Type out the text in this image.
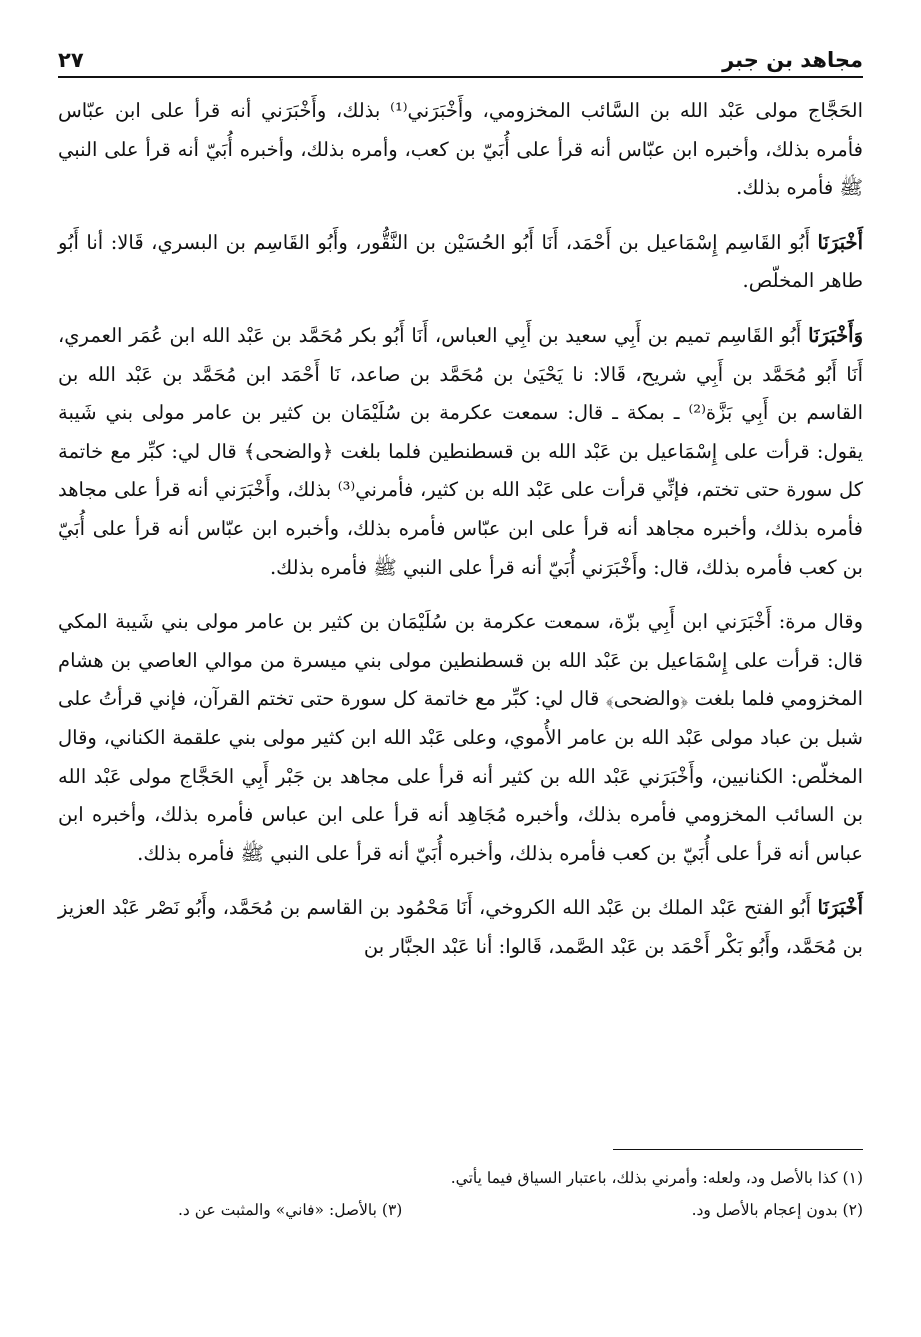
مجاهد بن جبر
٢٧

الحَجَّاج مولى عَبْد الله بن السَّائب المخزومي، وأَخْبَرَني⁽¹⁾ بذلك، وأَخْبَرَني أنه قرأ على ابن عبّاس فأمره بذلك، وأخبره ابن عبّاس أنه قرأ على أُبَيّ بن كعب، وأمره بذلك، وأخبره أُبَيّ أنه قرأ على النبي ﷺ فأمره بذلك.

أَخْبَرَنَا أَبُو القَاسِم إِسْمَاعيل بن أَحْمَد، أَنَا أَبُو الحُسَيْن بن النَّقُّور، وأَبُو القَاسِم بن البسري، قَالا: أنا أَبُو طاهر المخلّص.

وَأَخْبَرَنَا أَبُو القَاسِم تميم بن أَبِي سعيد بن أَبِي العباس، أَنَا أَبُو بكر مُحَمَّد بن عَبْد الله ابن عُمَر العمري، أَنَا أَبُو مُحَمَّد بن أَبِي شريح، قَالا: نا يَحْيَىٰ بن مُحَمَّد بن صاعد، نَا أَحْمَد ابن مُحَمَّد بن عَبْد الله بن القاسم بن أَبِي بَزَّة⁽²⁾ ـ بمكة ـ قال: سمعت عكرمة بن سُلَيْمَان بن كثير بن عامر مولى بني شَيبة يقول: قرأت على إِسْمَاعيل بن عَبْد الله بن قسطنطين فلما بلغت ﴿والضحى﴾ قال لي: كبِّر مع خاتمة كل سورة حتى تختم، فإنِّي قرأت على عَبْد الله بن كثير، فأمرني⁽³⁾ بذلك، وأَخْبَرَني أنه قرأ على مجاهد فأمره بذلك، وأخبره مجاهد أنه قرأ على ابن عبّاس فأمره بذلك، وأخبره ابن عبّاس أنه قرأ على أُبَيّ بن كعب فأمره بذلك، قال: وأَخْبَرَني أُبَيّ أنه قرأ على النبي ﷺ فأمره بذلك.

وقال مرة: أَخْبَرَني ابن أَبِي بزّة، سمعت عكرمة بن سُلَيْمَان بن كثير بن عامر مولى بني شَيبة المكي قال: قرأت على إِسْمَاعيل بن عَبْد الله بن قسطنطين مولى بني ميسرة من موالي العاصي بن هشام المخزومي فلما بلغت ﴿والضحى﴾ قال لي: كبِّر مع خاتمة كل سورة حتى تختم القرآن، فإني قرأتُ على شبل بن عباد مولى عَبْد الله بن عامر الأُموي، وعلى عَبْد الله ابن كثير مولى بني علقمة الكناني، وقال المخلّص: الكنانيين، وأَخْبَرَني عَبْد الله بن كثير أنه قرأ على مجاهد بن جَبْر أَبِي الحَجَّاج مولى عَبْد الله بن السائب المخزومي فأمره بذلك، وأخبره مُجَاهِد أنه قرأ على ابن عباس فأمره بذلك، وأخبره ابن عباس أنه قرأ على أُبَيّ بن كعب فأمره بذلك، وأخبره أُبَيّ أنه قرأ على النبي ﷺ فأمره بذلك.

أَخْبَرَنَا أَبُو الفتح عَبْد الملك بن عَبْد الله الكروخي، أَنَا مَحْمُود بن القاسم بن مُحَمَّد، وأَبُو نَصْر عَبْد العزيز بن مُحَمَّد، وأَبُو بَكْر أَحْمَد بن عَبْد الصَّمد، قَالوا: أنا عَبْد الجبَّار بن

(١) كذا بالأصل ود، ولعله: وأمرني بذلك، باعتبار السياق فيما يأتي.
(٢) بدون إعجام بالأصل ود.
(٣) بالأصل: «فاني» والمثبت عن د.
